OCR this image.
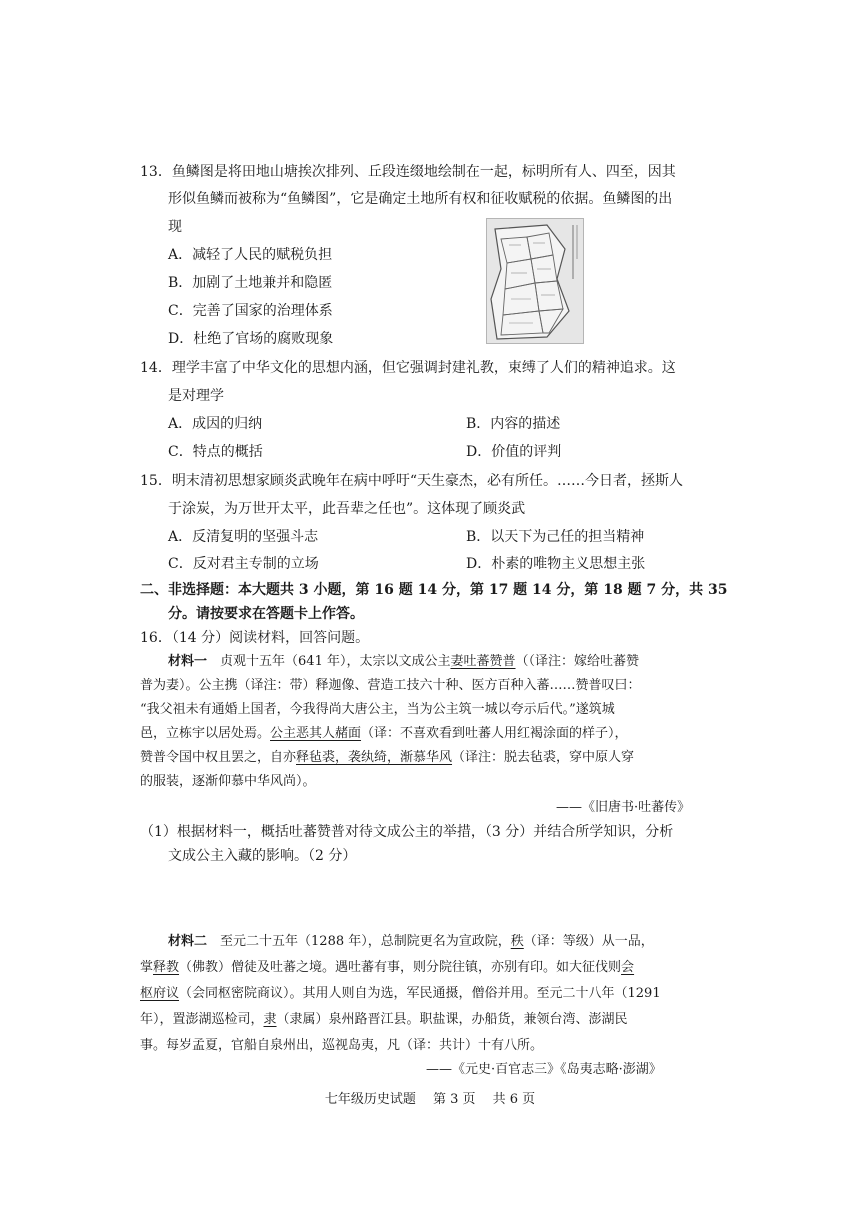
13．鱼鳞图是将田地山塘挨次排列、丘段连缀地绘制在一起，标明所有人、四至，因其
形似鱼鳞而被称为“鱼鳞图”，它是确定土地所有权和征收赋税的依据。鱼鳞图的出
现
A．减轻了人民的赋税负担
B．加剧了土地兼并和隐匿
C．完善了国家的治理体系
D．杜绝了官场的腐败现象
14．理学丰富了中华文化的思想内涵，但它强调封建礼教，束缚了人们的精神追求。这
是对理学
A．成因的归纳	B．内容的描述
C．特点的概括	D．价值的评判
15．明末清初思想家顾炎武晚年在病中呼吁“天生豪杰，必有所任。……今日者，拯斯人
于涂炭，为万世开太平，此吾辈之任也”。这体现了顾炎武
A．反清复明的坚强斗志	B．以天下为己任的担当精神
C．反对君主专制的立场	D．朴素的唯物主义思想主张
二、非选择题：本大题共 3 小题，第 16 题 14 分，第 17 题 14 分，第 18 题 7 分，共 35
分。请按要求在答题卡上作答。
16．（14 分）阅读材料，回答问题。
材料一　 贞观十五年（641 年），太宗以文成公主妻吐蕃赞普（（译注：嫁给吐蕃赞
普为妻）。公主携（译注：带）释迦像、营造工技六十种、医方百种入蕃……赞普叹曰：
“我父祖未有通婚上国者，今我得尚大唐公主，当为公主筑一城以夸示后代。”遂筑城
邑，立栋宇以居处焉。公主恶其人赭面（译：不喜欢看到吐蕃人用红褐涂面的样子），
赞普令国中权且罢之，自亦释毡裘，袭纨绮，渐慕华风（译注：脱去毡裘，穿中原人穿
的服装，逐渐仰慕中华风尚）。
——《旧唐书·吐蕃传》
（1）根据材料一，概括吐蕃赞普对待文成公主的举措，（3 分）并结合所学知识，分析
文成公主入藏的影响。（2 分）
材料二　 至元二十五年（1288 年），总制院更名为宣政院，秩（译：等级）从一品，
掌释教（佛教）僧徒及吐蕃之境。遇吐蕃有事，则分院往镇，亦别有印。如大征伐则会
枢府议（会同枢密院商议）。其用人则自为选，军民通摄，僧俗并用。至元二十八年（1291
年），置澎湖巡检司，隶（隶属）泉州路晋江县。职盐课，办船货，兼领台湾、澎湖民
事。每岁孟夏，官船自泉州出，巡视岛夷，凡（译：共计）十有八所。
——《元史·百官志三》《岛夷志略·澎湖》
七年级历史试题　 第 3 页　 共 6 页
